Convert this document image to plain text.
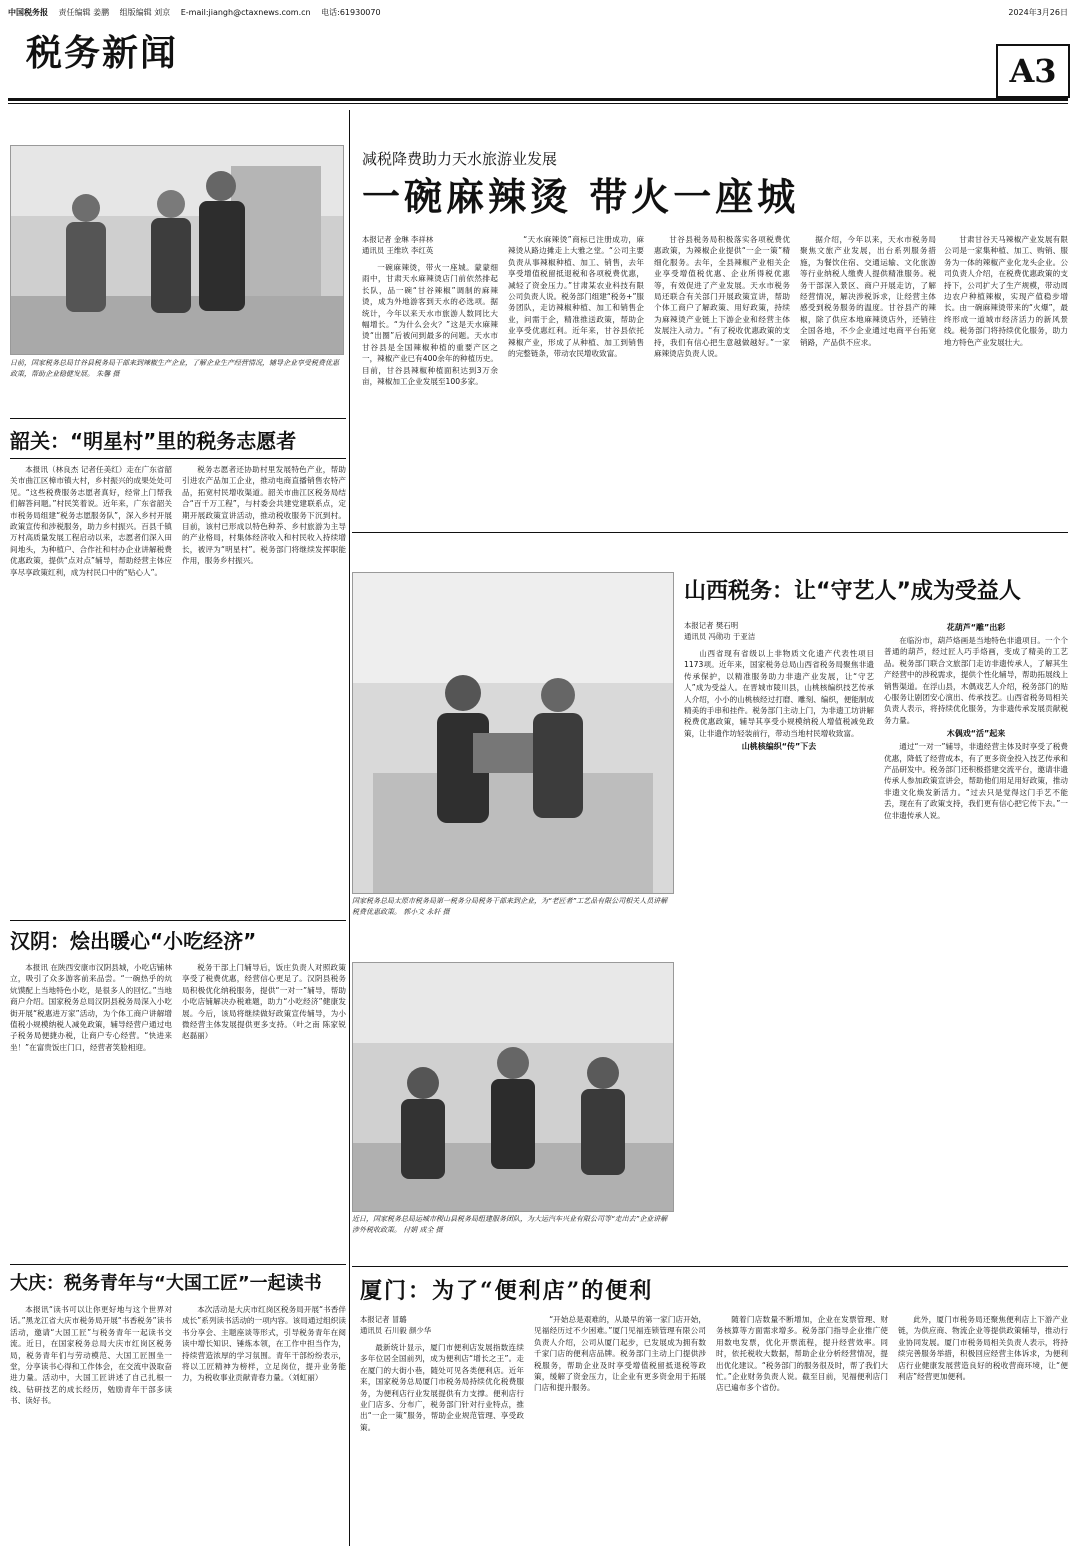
中国税务报 责任编辑 姜鹏 组版编辑 刘京 E-mail:jiangh@ctaxnews.com.cn 电话:61930070	2024年3月26日
税务新闻	A3
日前，国家税务总局甘谷县税务局干部来到辣椒生产企业，了解企业生产经营情况，辅导企业享受税费优惠政策，帮助企业稳健发展。 朱馨 摄
减税降费助力天水旅游业发展
一碗麻辣烫 带火一座城
本报记者 金琳 李祥林
通讯员 王维玖 李红英

一碗麻辣烫，带火一座城。蒙蒙细雨中，甘肃天水麻辣烫店门前依然排起长队，品一碗“甘谷辣椒”调制的麻辣烫，成为外地游客到天水的必选项。据统计，今年以来天水市旅游人数同比大幅增长。“为什么会火？”这是天水麻辣烫“出圈”后被问到最多的问题。天水市甘谷县是全国辣椒种植的重要产区之一，辣椒产业已有400余年的种植历史。目前，甘谷县辣椒种植面积达到3万余亩，辣椒加工企业发展至100多家。

“天水麻辣烫”商标已注册成功，麻辣烫从路边摊走上大雅之堂。“公司主要负责从事辣椒种植、加工、销售，去年享受增值税留抵退税和各项税费优惠，减轻了资金压力。”甘肃某农业科技有限公司负责人说。税务部门组建“税务+”服务团队，走访辣椒种植、加工和销售企业，问需于企，精准推送政策，帮助企业享受优惠红利。近年来，甘谷县依托辣椒产业，形成了从种植、加工到销售的完整链条，带动农民增收致富。

甘谷县税务局积极落实各项税费优惠政策，为辣椒企业提供“一企一策”精细化服务。去年，全县辣椒产业相关企业享受增值税优惠、企业所得税优惠等，有效促进了产业发展。天水市税务局还联合有关部门开展政策宣讲，帮助个体工商户了解政策、用好政策，持续为麻辣烫产业链上下游企业和经营主体发展注入动力。“有了税收优惠政策的支持，我们有信心把生意越做越好。”一家麻辣烫店负责人说。

据介绍，今年以来，天水市税务局聚焦文旅产业发展，出台系列服务措施，为餐饮住宿、交通运输、文化旅游等行业纳税人缴费人提供精准服务。税务干部深入景区、商户开展走访，了解经营情况，解决涉税诉求，让经营主体感受到税务服务的温度。甘谷县产的辣椒，除了供应本地麻辣烫店外，还销往全国各地，不少企业通过电商平台拓宽销路，产品供不应求。

甘肃甘谷天马辣椒产业发展有限公司是一家集种植、加工、购销、服务为一体的辣椒产业化龙头企业。公司负责人介绍，在税费优惠政策的支持下，公司扩大了生产规模，带动周边农户种植辣椒，实现产值稳步增长。由一碗麻辣烫带来的“火爆”，最终形成一道城市经济活力的新风景线。税务部门将持续优化服务，助力地方特色产业发展壮大。

韶关：“明星村”里的税务志愿者

本报讯（林良杰 记者任美红）走在广东省韶关市曲江区樟市镇大村，乡村振兴的成果处处可见。“这些税费服务志愿者真好，经常上门帮我们解答问题。”村民笑着说。近年来，广东省韶关市税务局组建“税务志愿服务队”，深入乡村开展政策宣传和涉税服务，助力乡村振兴。百县千镇万村高质量发展工程启动以来，志愿者们深入田间地头，为种植户、合作社和村办企业讲解税费优惠政策，提供“点对点”辅导，帮助经营主体应享尽享政策红利，成为村民口中的“贴心人”。

税务志愿者还协助村里发展特色产业，帮助引进农产品加工企业，推动电商直播销售农特产品，拓宽村民增收渠道。韶关市曲江区税务局结合“百千万工程”，与村委会共建党建联系点，定期开展政策宣讲活动，推动税收服务下沉到村。目前，该村已形成以特色种养、乡村旅游为主导的产业格局，村集体经济收入和村民收入持续增长，被评为“明星村”。税务部门将继续发挥职能作用，服务乡村振兴。

汉阴：烩出暖心“小吃经济”

本报讯 在陕西安康市汉阴县城，小吃店铺林立，吸引了众多游客前来品尝。“一碗热乎的炕炕馍配上当地特色小吃，是很多人的回忆。”当地商户介绍。国家税务总局汉阴县税务局深入小吃街开展“税惠进万家”活动，为个体工商户讲解增值税小规模纳税人减免政策，辅导经营户通过电子税务局便捷办税，让商户专心经营。“快进来坐！”在富贵饭庄门口，经营者笑脸相迎。

税务干部上门辅导后，饭庄负责人对照政策享受了税费优惠，经营信心更足了。汉阴县税务局积极优化纳税服务，提供“一对一”辅导，帮助小吃店铺解决办税难题，助力“小吃经济”健康发展。今后，该局将继续做好政策宣传辅导，为小微经营主体发展提供更多支持。（叶之南 陈家锐 赵磊丽）

大庆：税务青年与“大国工匠”一起读书

本报讯“读书可以让你更好地与这个世界对话。”黑龙江省大庆市税务局开展“书香税务”读书活动，邀请“大国工匠”与税务青年一起读书交流。近日，在国家税务总局大庆市红岗区税务局，税务青年们与劳动模范、大国工匠围坐一堂，分享读书心得和工作体会，在交流中汲取奋进力量。活动中，大国工匠讲述了自己扎根一线、钻研技艺的成长经历，勉励青年干部多读书、读好书。

本次活动是大庆市红岗区税务局开展“书香伴成长”系列读书活动的一项内容。该局通过组织读书分享会、主题座谈等形式，引导税务青年在阅读中增长知识、锤炼本领，在工作中担当作为，持续营造浓厚的学习氛围。青年干部纷纷表示，将以工匠精神为榜样，立足岗位，提升业务能力，为税收事业贡献青春力量。（刘虹丽）

国家税务总局太原市税务局第一税务分局税务干部来到企业，为“老匠者”工艺品有限公司相关人员讲解税费优惠政策。 郭小文 永轩 摄
近日，国家税务总局运城市稷山县税务局组建服务团队，为大运汽车兴业有限公司等“走出去”企业讲解涉外税收政策。 付娟 成全 摄
山西税务：让“守艺人”成为受益人
本报记者 樊石明
通讯员 冯勋功 于亚洁

山西省现有省级以上非物质文化遗产代表性项目1173项。近年来，国家税务总局山西省税务局聚焦非遗传承保护，以精准服务助力非遗产业发展，让“守艺人”成为受益人。在晋城市陵川县，山桃核编织技艺传承人介绍，小小的山桃核经过打磨、雕刻、编织，便能制成精美的手串和挂件。税务部门主动上门，为非遗工坊讲解税费优惠政策，辅导其享受小规模纳税人增值税减免政策，让非遗作坊轻装前行，带动当地村民增收致富。

山桃核编织“传”下去
花葫芦“雕”出彩

在临汾市，葫芦烙画是当地特色非遗项目。一个个普通的葫芦，经过匠人巧手烙画，变成了精美的工艺品。税务部门联合文旅部门走访非遗传承人，了解其生产经营中的涉税需求，提供个性化辅导，帮助拓展线上销售渠道。在浮山县，木偶戏艺人介绍，税务部门的贴心服务让剧团安心演出、传承技艺。山西省税务局相关负责人表示，将持续优化服务，为非遗传承发展贡献税务力量。

木偶戏“活”起来

通过“一对一”辅导，非遗经营主体及时享受了税费优惠，降低了经营成本，有了更多资金投入技艺传承和产品研发中。税务部门还积极搭建交流平台，邀请非遗传承人参加政策宣讲会，帮助他们用足用好政策，推动非遗文化焕发新活力。“过去只是觉得这门手艺不能丢，现在有了政策支持，我们更有信心把它传下去。”一位非遗传承人说。

厦门：为了“便利店”的便利
本报记者 冒璐
通讯员 石川毅 颜少华

最新统计显示，厦门市便利店发展指数连续多年位居全国前列，成为便利店“增长之王”。走在厦门的大街小巷，随处可见各类便利店。近年来，国家税务总局厦门市税务局持续优化税费服务，为便利店行业发展提供有力支撑。便利店行业门店多、分布广，税务部门针对行业特点，推出“一企一策”服务，帮助企业规范管理、享受政策。

“开始总是艰难的，从最早的第一家门店开始，见福经历过不少困难。”厦门见福连锁管理有限公司负责人介绍，公司从厦门起步，已发展成为拥有数千家门店的便利店品牌。税务部门主动上门提供涉税服务，帮助企业及时享受增值税留抵退税等政策，缓解了资金压力，让企业有更多资金用于拓展门店和提升服务。

随着门店数量不断增加，企业在发票管理、财务核算等方面需求增多。税务部门指导企业推广使用数电发票，优化开票流程，提升经营效率。同时，依托税收大数据，帮助企业分析经营情况，提出优化建议。“税务部门的服务很及时，帮了我们大忙。”企业财务负责人说。截至目前，见福便利店门店已遍布多个省份。

此外，厦门市税务局还聚焦便利店上下游产业链，为供应商、物流企业等提供政策辅导，推动行业协同发展。厦门市税务局相关负责人表示，将持续完善服务举措，积极回应经营主体诉求，为便利店行业健康发展营造良好的税收营商环境，让“便利店”经营更加便利。
